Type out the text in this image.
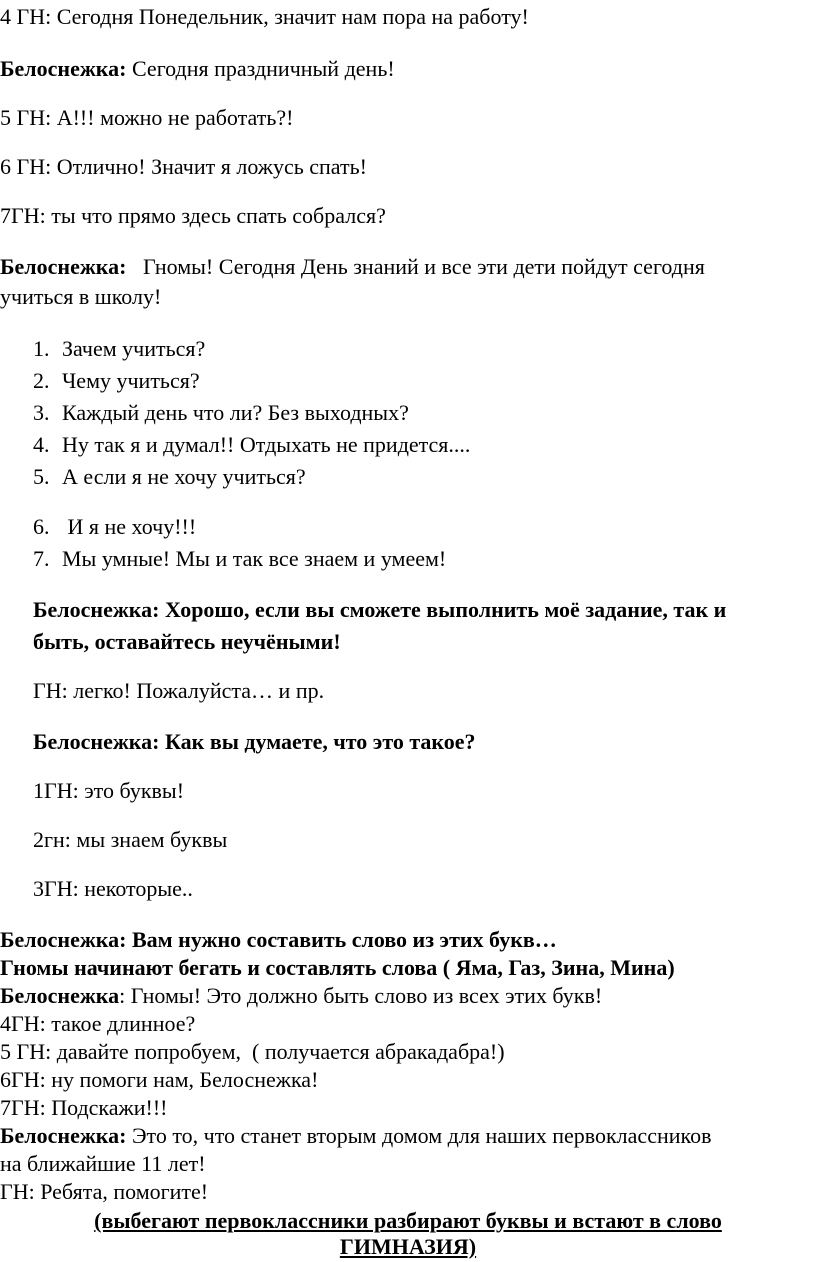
4 ГН: Сегодня Понедельник, значит нам пора на работу!
Белоснежка: Сегодня праздничный день!
5 ГН: А!!! можно не работать?!
6 ГН: Отлично! Значит я ложусь спать!
7ГН: ты что прямо здесь спать собрался?
Белоснежка:   Гномы! Сегодня День знаний и все эти дети пойдут сегодня
учиться в школу!
1. Зачем учиться?
2. Чему учиться?
3. Каждый день что ли? Без выходных?
4. Ну так я и думал!! Отдыхать не придется....
5. А если я не хочу учиться?
6. И я не хочу!!!
7. Мы умные! Мы и так все знаем и умеем!
Белоснежка: Хорошо, если вы сможете выполнить моё задание, так и
быть, оставайтесь неучёными!
ГН: легко! Пожалуйста… и пр.
Белоснежка: Как вы думаете, что это такое?
1ГН: это буквы!
2гн: мы знаем буквы
3ГН: некоторые..
Белоснежка: Вам нужно составить слово из этих букв…
Гномы начинают бегать и составлять слова ( Яма, Газ, Зина, Мина)
Белоснежка: Гномы! Это должно быть слово из всех этих букв!
4ГН: такое длинное?
5 ГН: давайте попробуем,  ( получается абракадабра!)
6ГН: ну помоги нам, Белоснежка!
7ГН: Подскажи!!!
Белоснежка: Это то, что станет вторым домом для наших первоклассников
на ближайшие 11 лет!
ГН: Ребята, помогите!
(выбегают первоклассники разбирают буквы и встают в слово
ГИМНАЗИЯ)
